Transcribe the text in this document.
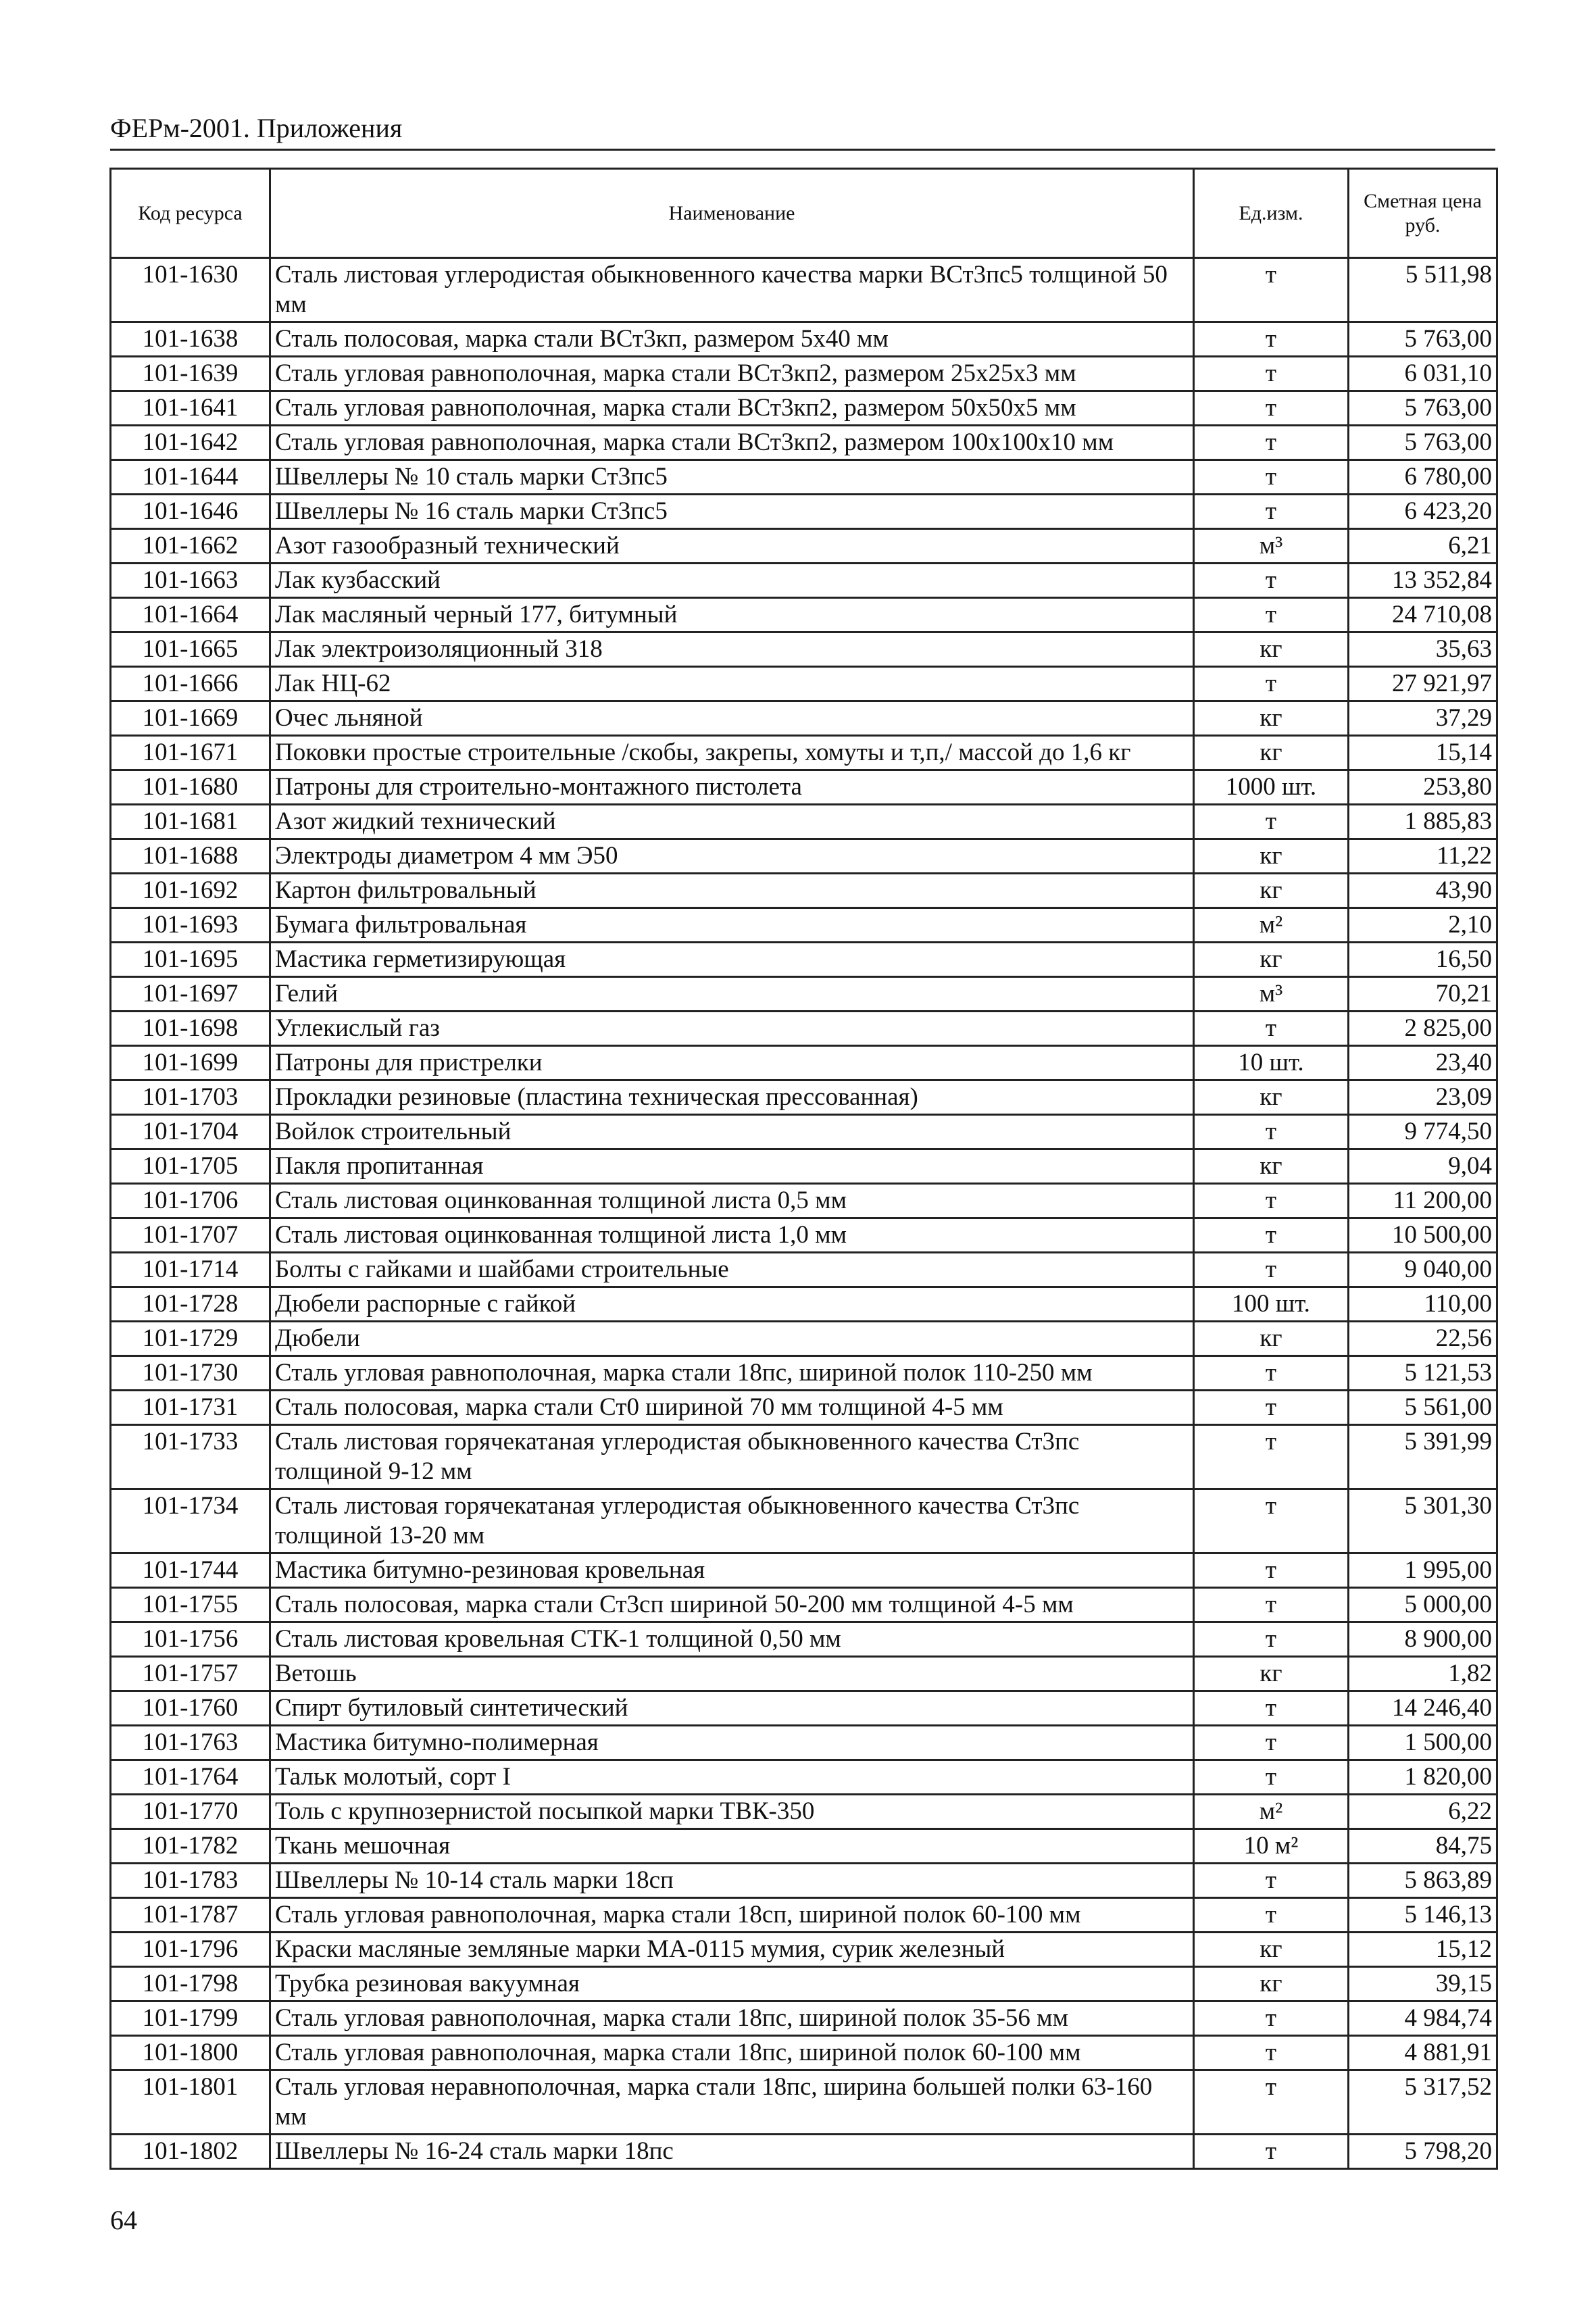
ФЕРм-2001. Приложения
Код ресурса	Наименование	Ед.изм.	Сметная цена руб.
101-1630	Сталь листовая углеродистая обыкновенного качества марки ВСт3пс5 толщиной 50 мм	т	5 511,98
101-1638	Сталь полосовая, марка стали ВСт3кп, размером 5х40 мм	т	5 763,00
101-1639	Сталь угловая равнополочная, марка стали ВСт3кп2, размером 25х25х3 мм	т	6 031,10
101-1641	Сталь угловая равнополочная, марка стали ВСт3кп2, размером 50х50х5 мм	т	5 763,00
101-1642	Сталь угловая равнополочная, марка стали ВСт3кп2, размером 100х100х10 мм	т	5 763,00
101-1644	Швеллеры № 10 сталь марки Ст3пс5	т	6 780,00
101-1646	Швеллеры № 16 сталь марки Ст3пс5	т	6 423,20
101-1662	Азот газообразный технический	м³	6,21
101-1663	Лак кузбасский	т	13 352,84
101-1664	Лак масляный черный 177, битумный	т	24 710,08
101-1665	Лак электроизоляционный 318	кг	35,63
101-1666	Лак НЦ-62	т	27 921,97
101-1669	Очес льняной	кг	37,29
101-1671	Поковки простые строительные /скобы, закрепы, хомуты и т,п,/ массой до 1,6 кг	кг	15,14
101-1680	Патроны для строительно-монтажного пистолета	1000 шт.	253,80
101-1681	Азот жидкий технический	т	1 885,83
101-1688	Электроды диаметром 4 мм Э50	кг	11,22
101-1692	Картон фильтровальный	кг	43,90
101-1693	Бумага фильтровальная	м²	2,10
101-1695	Мастика герметизирующая	кг	16,50
101-1697	Гелий	м³	70,21
101-1698	Углекислый газ	т	2 825,00
101-1699	Патроны для пристрелки	10 шт.	23,40
101-1703	Прокладки резиновые (пластина техническая прессованная)	кг	23,09
101-1704	Войлок строительный	т	9 774,50
101-1705	Пакля пропитанная	кг	9,04
101-1706	Сталь листовая оцинкованная толщиной листа 0,5 мм	т	11 200,00
101-1707	Сталь листовая оцинкованная толщиной листа 1,0 мм	т	10 500,00
101-1714	Болты с гайками и шайбами строительные	т	9 040,00
101-1728	Дюбели распорные с гайкой	100 шт.	110,00
101-1729	Дюбели	кг	22,56
101-1730	Сталь угловая равнополочная, марка стали 18пс, шириной полок 110-250 мм	т	5 121,53
101-1731	Сталь полосовая, марка стали Ст0 шириной 70 мм толщиной 4-5 мм	т	5 561,00
101-1733	Сталь листовая горячекатаная углеродистая обыкновенного качества Ст3пс толщиной 9-12 мм	т	5 391,99
101-1734	Сталь листовая горячекатаная углеродистая обыкновенного качества Ст3пс толщиной 13-20 мм	т	5 301,30
101-1744	Мастика битумно-резиновая кровельная	т	1 995,00
101-1755	Сталь полосовая, марка стали Ст3сп шириной 50-200 мм толщиной 4-5 мм	т	5 000,00
101-1756	Сталь листовая кровельная СТК-1 толщиной 0,50 мм	т	8 900,00
101-1757	Ветошь	кг	1,82
101-1760	Спирт бутиловый синтетический	т	14 246,40
101-1763	Мастика битумно-полимерная	т	1 500,00
101-1764	Тальк молотый, сорт I	т	1 820,00
101-1770	Толь с крупнозернистой посыпкой марки ТВК-350	м²	6,22
101-1782	Ткань мешочная	10 м²	84,75
101-1783	Швеллеры № 10-14 сталь марки 18сп	т	5 863,89
101-1787	Сталь угловая равнополочная, марка стали 18сп, шириной полок 60-100 мм	т	5 146,13
101-1796	Краски масляные земляные марки МА-0115 мумия, сурик железный	кг	15,12
101-1798	Трубка резиновая вакуумная	кг	39,15
101-1799	Сталь угловая равнополочная, марка стали 18пс, шириной полок 35-56 мм	т	4 984,74
101-1800	Сталь угловая равнополочная, марка стали 18пс, шириной полок 60-100 мм	т	4 881,91
101-1801	Сталь угловая неравнополочная, марка стали 18пс, ширина большей полки 63-160 мм	т	5 317,52
101-1802	Швеллеры № 16-24 сталь марки 18пс	т	5 798,20
64
